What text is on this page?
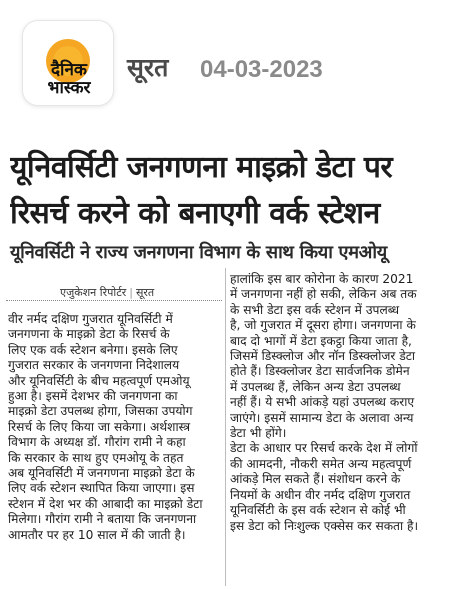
दैनिक
भास्कर
सूरत 04-03-2023
यूनिवर्सिटी जनगणना माइक्रो डेटा पर
रिसर्च करने को बनाएगी वर्क स्टेशन
यूनिवर्सिटी ने राज्य जनगणना विभाग के साथ किया एमओयू
एजुकेशन रिपोर्टर | सूरत
वीर नर्मद दक्षिण गुजरात यूनिवर्सिटी में
जनगणना के माइक्रो डेटा के रिसर्च के
लिए एक वर्क स्टेशन बनेगा। इसके लिए
गुजरात सरकार के जनगणना निदेशालय
और यूनिवर्सिटी के बीच महत्वपूर्ण एमओयू
हुआ है। इसमें देशभर की जनगणना का
माइक्रो डेटा उपलब्ध होगा, जिसका उपयोग
रिसर्च के लिए किया जा सकेगा। अर्थशास्त्र
विभाग के अध्यक्ष डॉ. गौरांग रामी ने कहा
कि सरकार के साथ हुए एमओयू के तहत
अब यूनिवर्सिटी में जनगणना माइक्रो डेटा के
लिए वर्क स्टेशन स्थापित किया जाएगा। इस
स्टेशन में देश भर की आबादी का माइक्रो डेटा
मिलेगा। गौरांग रामी ने बताया कि जनगणना
आमतौर पर हर 10 साल में की जाती है।
हालांकि इस बार कोरोना के कारण 2021
में जनगणना नहीं हो सकी, लेकिन अब तक
के सभी डेटा इस वर्क स्टेशन में उपलब्ध
है, जो गुजरात में दूसरा होगा। जनगणना के
बाद दो भागों में डेटा इकट्ठा किया जाता है,
जिसमें डिस्क्लोज और नॉन डिस्क्लोजर डेटा
होते हैं। डिस्क्लोजर डेटा सार्वजनिक डोमेन
में उपलब्ध हैं, लेकिन अन्य डेटा उपलब्ध
नहीं हैं। ये सभी आंकड़े यहां उपलब्ध कराए
जाएंगे। इसमें सामान्य डेटा के अलावा अन्य
डेटा भी होंगे।
डेटा के आधार पर रिसर्च करके देश में लोगों
की आमदनी, नौकरी समेत अन्य महत्वपूर्ण
आंकड़े मिल सकते हैं। संशोधन करने के
नियमों के अधीन वीर नर्मद दक्षिण गुजरात
यूनिवर्सिटी के इस वर्क स्टेशन से कोई भी
इस डेटा को निःशुल्क एक्सेस कर सकता है।
